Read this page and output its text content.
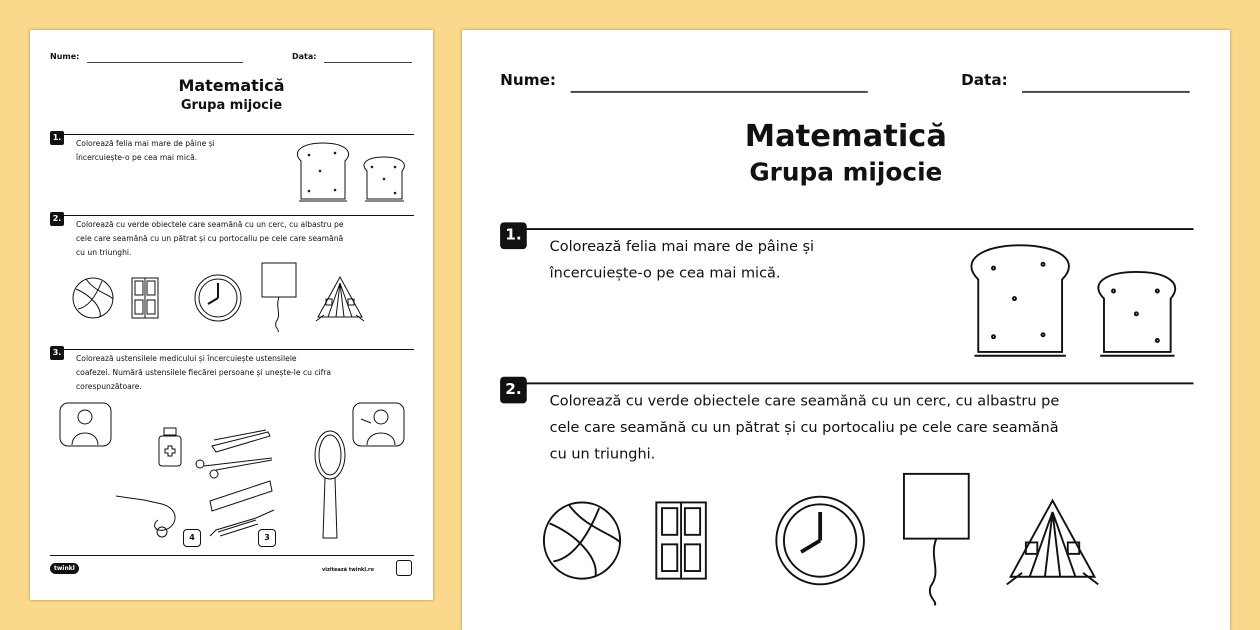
Nume:	Data:
Matematică
Grupa mijocie
1.
Colorează felia mai mare de pâine și
încercuiește-o pe cea mai mică.
2.
Colorează cu verde obiectele care seamănă cu un cerc, cu albastru pe
cele care seamănă cu un pătrat și cu portocaliu pe cele care seamănă
cu un triunghi.
3.
Colorează ustensilele medicului și încercuiește ustensilele
coafezei. Numără ustensilele fiecărei persoane și unește-le cu cifra
corespunzătoare.
4	3
twinkl	vizitează twinkl.ro
Nume:	Data:
Matematică
Grupa mijocie
1.
Colorează felia mai mare de pâine și
încercuiește-o pe cea mai mică.
2.
Colorează cu verde obiectele care seamănă cu un cerc, cu albastru pe
cele care seamănă cu un pătrat și cu portocaliu pe cele care seamănă
cu un triunghi.
